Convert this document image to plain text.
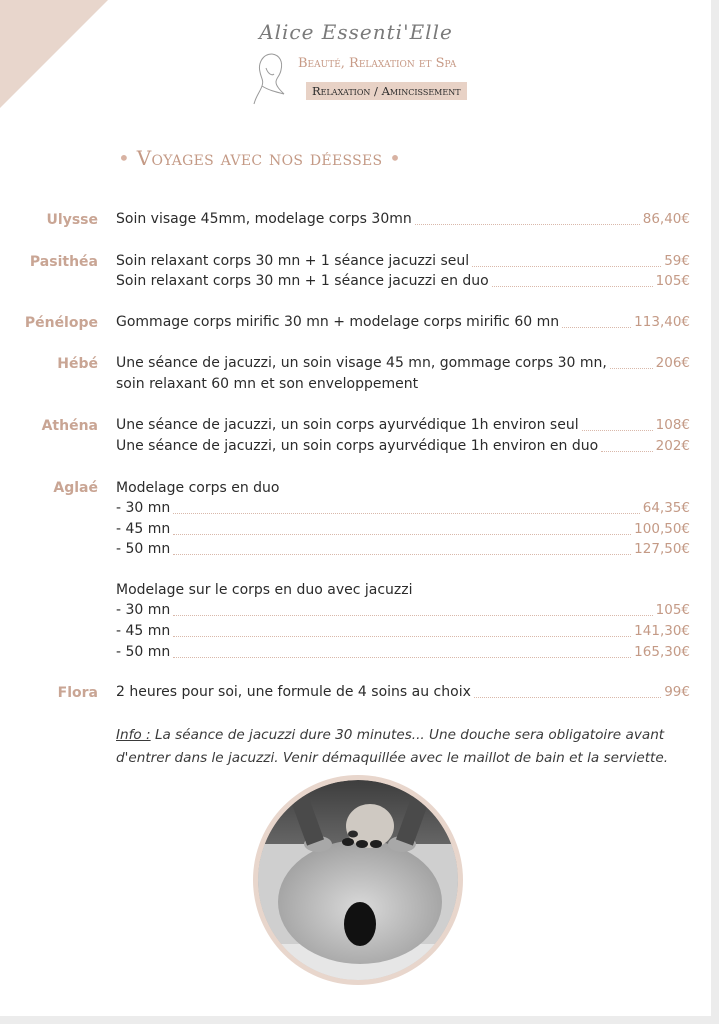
Alice Essenti'Elle
Beauté, Relaxation et Spa
Relaxation / Amincissement
• Voyages avec nos déesses •
Ulysse Soin visage 45mm, modelage corps 30mn	86,40€
Pasithéa Soin relaxant corps 30 mn + 1 séance jacuzzi seul	59€
Soin relaxant corps 30 mn + 1 séance jacuzzi en duo	105€
Pénélope Gommage corps mirific 30 mn + modelage corps mirific 60 mn	113,40€
Hébé Une séance de jacuzzi, un soin visage 45 mn, gommage corps 30 mn,	206€
soin relaxant 60 mn et son enveloppement
Athéna Une séance de jacuzzi, un soin corps ayurvédique 1h environ seul	108€
Une séance de jacuzzi, un soin corps ayurvédique 1h environ en duo	202€
Aglaé Modelage corps en duo
- 30 mn	64,35€
- 45 mn	100,50€
- 50 mn	127,50€
Modelage sur le corps en duo avec jacuzzi
- 30 mn	105€
- 45 mn	141,30€
- 50 mn	165,30€
Flora 2 heures pour soi, une formule de 4 soins au choix	99€
Info : La séance de jacuzzi dure 30 minutes... Une douche sera obligatoire avant d'entrer dans le jacuzzi. Venir démaquillée avec le maillot de bain et la serviette.
